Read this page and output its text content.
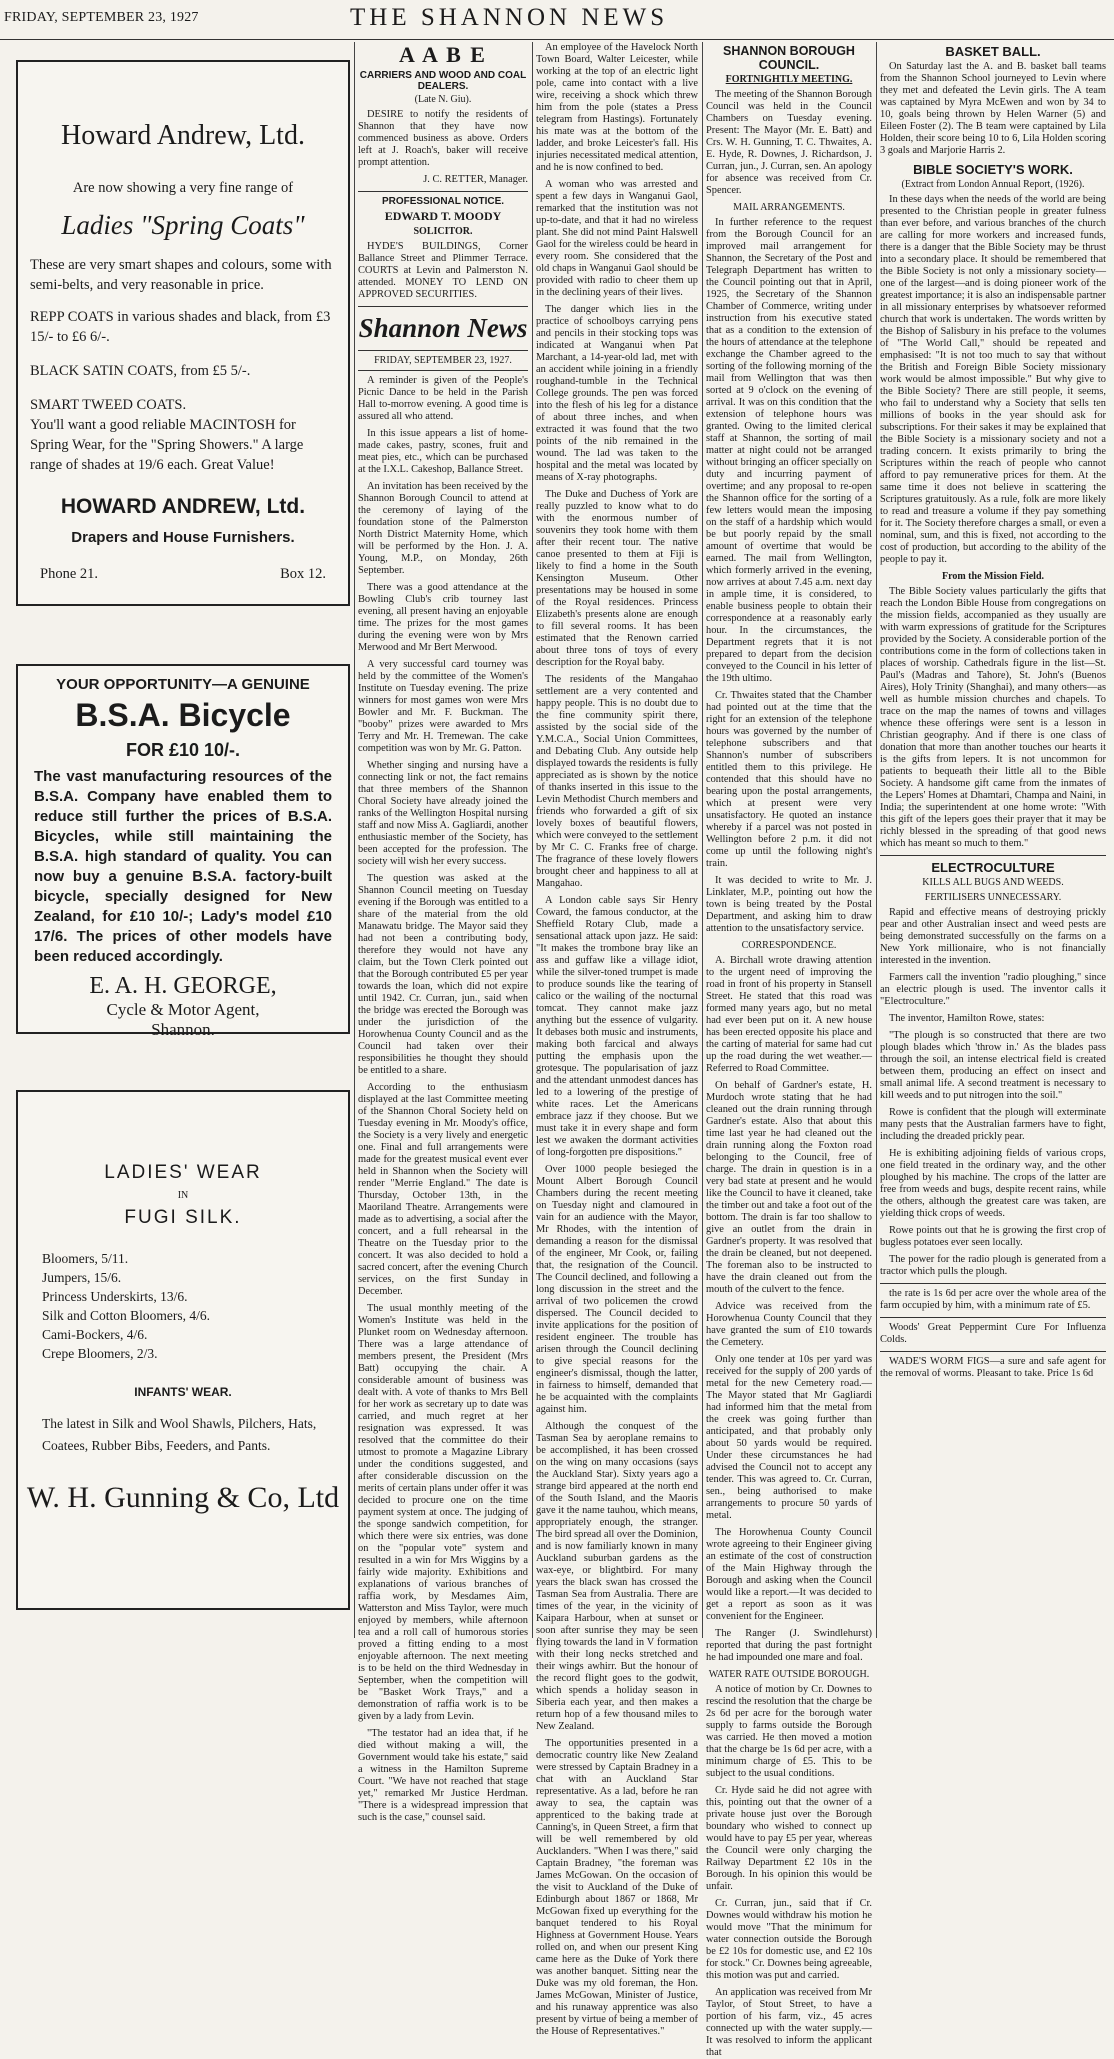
FRIDAY, SEPTEMBER 23, 1927	THE SHANNON NEWS
Howard Andrew, Ltd.
Are now showing a very fine range of
Ladies "Spring Coats"
These are very smart shapes and colours, some with semi-belts, and very reasonable in price.
REPP COATS in various shades and black, from £3 15/- to £6 6/-.
BLACK SATIN COATS, from £5 5/-.
SMART TWEED COATS.
You'll want a good reliable MACINTOSH for Spring Wear, for the "Spring Showers." A large range of shades at 19/6 each. Great Value!
HOWARD ANDREW, Ltd.
Drapers and House Furnishers.
Phone 21.	Box 12.
YOUR OPPORTUNITY—A GENUINE
B.S.A. Bicycle
FOR £10 10/-.
The vast manufacturing resources of the B.S.A. Company have enabled them to reduce still further the prices of B.S.A. Bicycles, while still maintaining the B.S.A. high standard of quality. You can now buy a genuine B.S.A. factory-built bicycle, specially designed for New Zealand, for £10 10/-; Lady's model £10 17/6. The prices of other models have been reduced accordingly.
E. A. H. GEORGE,
Cycle & Motor Agent,
Shannon.
LADIES' WEAR
IN
FUGI SILK.
Bloomers, 5/11.
Jumpers, 15/6.
Princess Underskirts, 13/6.
Silk and Cotton Bloomers, 4/6.
Cami-Bockers, 4/6.
Crepe Bloomers, 2/3.
INFANTS' WEAR.
The latest in Silk and Wool Shawls, Pilchers, Hats, Coatees, Rubber Bibs, Feeders, and Pants.
W. H. Gunning & Co, Ltd
A A B E
CARRIERS AND WOOD AND COAL DEALERS.
(Late N. Giu).
DESIRE to notify the residents of Shannon that they have now commenced business as above. Orders left at J. Roach's, baker will receive prompt attention.
J. C. RETTER, Manager.
PROFESSIONAL NOTICE.
EDWARD T. MOODY
SOLICITOR.
HYDE'S BUILDINGS, Corner Ballance Street and Plimmer Terrace. COURTS at Levin and Palmerston N. attended. MONEY TO LEND ON APPROVED SECURITIES.
Shannon News
FRIDAY, SEPTEMBER 23, 1927.
A reminder is given of the People's Picnic Dance to be held in the Parish Hall to-morrow evening. A good time is assured all who attend.
In this issue appears a list of home-made cakes, pastry, scones, fruit and meat pies, etc., which can be purchased at the I.X.L. Cakeshop, Ballance Street.
An invitation has been received by the Shannon Borough Council to attend at the ceremony of laying of the foundation stone of the Palmerston North District Maternity Home, which will be performed by the Hon. J. A. Young, M.P., on Monday, 26th September.
There was a good attendance at the Bowling Club's crib tourney last evening, all present having an enjoyable time. The prizes for the most games during the evening were won by Mrs Merwood and Mr Bert Merwood.
A very successful card tourney was held by the committee of the Women's Institute on Tuesday evening. The prize winners for most games won were Mrs Bowler and Mr. F. Buckman. The "booby" prizes were awarded to Mrs Terry and Mr. H. Tremewan. The cake competition was won by Mr. G. Patton.
Whether singing and nursing have a connecting link or not, the fact remains that three members of the Shannon Choral Society have already joined the ranks of the Wellington Hospital nursing staff and now Miss A. Gagliardi, another enthusiastic member of the Society, has been accepted for the profession. The society will wish her every success.
The question was asked at the Shannon Council meeting on Tuesday evening if the Borough was entitled to a share of the material from the old Manawatu bridge. The Mayor said they had not been a contributing body, therefore they would not have any claim, but the Town Clerk pointed out that the Borough contributed £5 per year towards the loan, which did not expire until 1942. Cr. Curran, jun., said when the bridge was erected the Borough was under the jurisdiction of the Horowhenua County Council and as the Council had taken over their responsibilities he thought they should be entitled to a share.
According to the enthusiasm displayed at the last Committee meeting of the Shannon Choral Society held on Tuesday evening in Mr. Moody's office, the Society is a very lively and energetic one. Final and full arrangements were made for the greatest musical event ever held in Shannon when the Society will render "Merrie England." The date is Thursday, October 13th, in the Maoriland Theatre. Arrangements were made as to advertising, a social after the concert, and a full rehearsal in the Theatre on the Tuesday prior to the concert. It was also decided to hold a sacred concert, after the evening Church services, on the first Sunday in December.
The usual monthly meeting of the Women's Institute was held in the Plunket room on Wednesday afternoon. There was a large attendance of members present, the President (Mrs Batt) occupying the chair. A considerable amount of business was dealt with. A vote of thanks to Mrs Bell for her work as secretary up to date was carried, and much regret at her resignation was expressed. It was resolved that the committee do their utmost to promote a Magazine Library under the conditions suggested, and after considerable discussion on the merits of certain plans under offer it was decided to procure one on the time payment system at once. The judging of the sponge sandwich competition, for which there were six entries, was done on the "popular vote" system and resulted in a win for Mrs Wiggins by a fairly wide majority. Exhibitions and explanations of various branches of raffia work, by Mesdames Aim, Watterston and Miss Taylor, were much enjoyed by members, while afternoon tea and a roll call of humorous stories proved a fitting ending to a most enjoyable afternoon. The next meeting is to be held on the third Wednesday in September, when the competition will be "Basket Work Trays," and a demonstration of raffia work is to be given by a lady from Levin.
"The testator had an idea that, if he died without making a will, the Government would take his estate," said a witness in the Hamilton Supreme Court. "We have not reached that stage yet," remarked Mr Justice Herdman. "There is a widespread impression that such is the case," counsel said.
An employee of the Havelock North Town Board, Walter Leicester, while working at the top of an electric light pole, came into contact with a live wire, receiving a shock which threw him from the pole (states a Press telegram from Hastings). Fortunately his mate was at the bottom of the ladder, and broke Leicester's fall. His injuries necessitated medical attention, and he is now confined to bed.
A woman who was arrested and spent a few days in Wanganui Gaol, remarked that the institution was not up-to-date, and that it had no wireless plant. She did not mind Paint Halswell Gaol for the wireless could be heard in every room. She considered that the old chaps in Wanganui Gaol should be provided with radio to cheer them up in the declining years of their lives.
The danger which lies in the practice of schoolboys carrying pens and pencils in their stocking tops was indicated at Wanganui when Pat Marchant, a 14-year-old lad, met with an accident while joining in a friendly roughand-tumble in the Technical College grounds. The pen was forced into the flesh of his leg for a distance of about three inches, and when extracted it was found that the two points of the nib remained in the wound. The lad was taken to the hospital and the metal was located by means of X-ray photographs.
The Duke and Duchess of York are really puzzled to know what to do with the enormous number of souvenirs they took home with them after their recent tour. The native canoe presented to them at Fiji is likely to find a home in the South Kensington Museum. Other presentations may be housed in some of the Royal residences. Princess Elizabeth's presents alone are enough to fill several rooms. It has been estimated that the Renown carried about three tons of toys of every description for the Royal baby.
The residents of the Mangahao settlement are a very contented and happy people. This is no doubt due to the fine community spirit there, assisted by the social side of the Y.M.C.A., Social Union Committees, and Debating Club. Any outside help displayed towards the residents is fully appreciated as is shown by the notice of thanks inserted in this issue to the Levin Methodist Church members and friends who forwarded a gift of six lovely boxes of beautiful flowers, which were conveyed to the settlement by Mr C. C. Franks free of charge. The fragrance of these lovely flowers brought cheer and happiness to all at Mangahao.
A London cable says Sir Henry Coward, the famous conductor, at the Sheffield Rotary Club, made a sensational attack upon jazz. He said: "It makes the trombone bray like an ass and guffaw like a village idiot, while the silver-toned trumpet is made to produce sounds like the tearing of calico or the wailing of the nocturnal tomcat. They cannot make jazz anything but the essence of vulgarity. It debases both music and instruments, making both farcical and always putting the emphasis upon the grotesque. The popularisation of jazz and the attendant unmodest dances has led to a lowering of the prestige of white races. Let the Americans embrace jazz if they choose. But we must take it in every shape and form lest we awaken the dormant activities of long-forgotten pre dispositions."
Over 1000 people besieged the Mount Albert Borough Council Chambers during the recent meeting on Tuesday night and clamoured in vain for an audience with the Mayor, Mr Rhodes, with the intention of demanding a reason for the dismissal of the engineer, Mr Cook, or, failing that, the resignation of the Council. The Council declined, and following a long discussion in the street and the arrival of two policemen the crowd dispersed. The Council decided to invite applications for the position of resident engineer. The trouble has arisen through the Council declining to give special reasons for the engineer's dismissal, though the latter, in fairness to himself, demanded that he be acquainted with the complaints against him.
Although the conquest of the Tasman Sea by aeroplane remains to be accomplished, it has been crossed on the wing on many occasions (says the Auckland Star). Sixty years ago a strange bird appeared at the north end of the South Island, and the Maoris gave it the name tauhou, which means, appropriately enough, the stranger. The bird spread all over the Dominion, and is now familiarly known in many Auckland suburban gardens as the wax-eye, or blightbird. For many years the black swan has crossed the Tasman Sea from Australia. There are times of the year, in the vicinity of Kaipara Harbour, when at sunset or soon after sunrise they may be seen flying towards the land in V formation with their long necks stretched and their wings awhirr. But the honour of the record flight goes to the godwit, which spends a holiday season in Siberia each year, and then makes a return hop of a few thousand miles to New Zealand.
The opportunities presented in a democratic country like New Zealand were stressed by Captain Bradney in a chat with an Auckland Star representative. As a lad, before he ran away to sea, the captain was apprenticed to the baking trade at Canning's, in Queen Street, a firm that will be well remembered by old Aucklanders. "When I was there," said Captain Bradney, "the foreman was James McGowan. On the occasion of the visit to Auckland of the Duke of Edinburgh about 1867 or 1868, Mr McGowan fixed up everything for the banquet tendered to his Royal Highness at Government House. Years rolled on, and when our present King came here as the Duke of York there was another banquet. Sitting near the Duke was my old foreman, the Hon. James McGowan, Minister of Justice, and his runaway apprentice was also present by virtue of being a member of the House of Representatives."
SHANNON BOROUGH COUNCIL.
FORTNIGHTLY MEETING.
The meeting of the Shannon Borough Council was held in the Council Chambers on Tuesday evening. Present: The Mayor (Mr. E. Batt) and Crs. W. H. Gunning, T. C. Thwaites, A. E. Hyde, R. Downes, J. Richardson, J. Curran, jun., J. Curran, sen. An apology for absence was received from Cr. Spencer.
MAIL ARRANGEMENTS.
In further reference to the request from the Borough Council for an improved mail arrangement for Shannon, the Secretary of the Post and Telegraph Department has written to the Council pointing out that in April, 1925, the Secretary of the Shannon Chamber of Commerce, writing under instruction from his executive stated that as a condition to the extension of the hours of attendance at the telephone exchange the Chamber agreed to the sorting of the following morning of the mail from Wellington that was then sorted at 9 o'clock on the evening of arrival. It was on this condition that the extension of telephone hours was granted. Owing to the limited clerical staff at Shannon, the sorting of mail matter at night could not be arranged without bringing an officer specially on duty and incurring payment of overtime; and any proposal to re-open the Shannon office for the sorting of a few letters would mean the imposing on the staff of a hardship which would be but poorly repaid by the small amount of overtime that would be earned. The mail from Wellington, which formerly arrived in the evening, now arrives at about 7.45 a.m. next day in ample time, it is considered, to enable business people to obtain their correspondence at a reasonably early hour. In the circumstances, the Department regrets that it is not prepared to depart from the decision conveyed to the Council in his letter of the 19th ultimo.
Cr. Thwaites stated that the Chamber had pointed out at the time that the right for an extension of the telephone hours was governed by the number of telephone subscribers and that Shannon's number of subscribers entitled them to this privilege. He contended that this should have no bearing upon the postal arrangements, which at present were very unsatisfactory. He quoted an instance whereby if a parcel was not posted in Wellington before 2 p.m. it did not come up until the following night's train.
It was decided to write to Mr. J. Linklater, M.P., pointing out how the town is being treated by the Postal Department, and asking him to draw attention to the unsatisfactory service.
CORRESPONDENCE.
A. Birchall wrote drawing attention to the urgent need of improving the road in front of his property in Stansell Street. He stated that this road was formed many years ago, but no metal had ever been put on it. A new house has been erected opposite his place and the carting of material for same had cut up the road during the wet weather.—Referred to Road Committee.
On behalf of Gardner's estate, H. Murdoch wrote stating that he had cleaned out the drain running through Gardner's estate. Also that about this time last year he had cleaned out the drain running along the Foxton road belonging to the Council, free of charge. The drain in question is in a very bad state at present and he would like the Council to have it cleaned, take the timber out and take a foot out of the bottom. The drain is far too shallow to give an outlet from the drain in Gardner's property. It was resolved that the drain be cleaned, but not deepened. The foreman also to be instructed to have the drain cleaned out from the mouth of the culvert to the fence.
Advice was received from the Horowhenua County Council that they have granted the sum of £10 towards the Cemetery.
Only one tender at 10s per yard was received for the supply of 200 yards of metal for the new Cemetery road.—The Mayor stated that Mr Gagliardi had informed him that the metal from the creek was going further than anticipated, and that probably only about 50 yards would be required. Under these circumstances he had advised the Council not to accept any tender. This was agreed to. Cr. Curran, sen., being authorised to make arrangements to procure 50 yards of metal.
The Horowhenua County Council wrote agreeing to their Engineer giving an estimate of the cost of construction of the Main Highway through the Borough and asking when the Council would like a report.—It was decided to get a report as soon as it was convenient for the Engineer.
The Ranger (J. Swindlehurst) reported that during the past fortnight he had impounded one mare and foal.
WATER RATE OUTSIDE BOROUGH.
A notice of motion by Cr. Downes to rescind the resolution that the charge be 2s 6d per acre for the borough water supply to farms outside the Borough was carried. He then moved a motion that the charge be 1s 6d per acre, with a minimum charge of £5. This to be subject to the usual conditions.
Cr. Hyde said he did not agree with this, pointing out that the owner of a private house just over the Borough boundary who wished to connect up would have to pay £5 per year, whereas the Council were only charging the Railway Department £2 10s in the Borough. In his opinion this would be unfair.
Cr. Curran, jun., said that if Cr. Downes would withdraw his motion he would move "That the minimum for water connection outside the Borough be £2 10s for domestic use, and £2 10s for stock." Cr. Downes being agreeable, this motion was put and carried.
An application was received from Mr Taylor, of Stout Street, to have a portion of his farm, viz., 45 acres connected up with the water supply.—It was resolved to inform the applicant that
BASKET BALL.
On Saturday last the A. and B. basket ball teams from the Shannon School journeyed to Levin where they met and defeated the Levin girls. The A team was captained by Myra McEwen and won by 34 to 10, goals being thrown by Helen Warner (5) and Eileen Foster (2). The B team were captained by Lila Holden, their score being 10 to 6, Lila Holden scoring 3 goals and Marjorie Harris 2.
BIBLE SOCIETY'S WORK.
(Extract from London Annual Report, (1926).
In these days when the needs of the world are being presented to the Christian people in greater fulness than ever before, and various branches of the church are calling for more workers and increased funds, there is a danger that the Bible Society may be thrust into a secondary place. It should be remembered that the Bible Society is not only a missionary society—one of the largest—and is doing pioneer work of the greatest importance; it is also an indispensable partner in all missionary enterprises by whatsoever reformed church that work is undertaken. The words written by the Bishop of Salisbury in his preface to the volumes of "The World Call," should be repeated and emphasised: "It is not too much to say that without the British and Foreign Bible Society missionary work would be almost impossible." But why give to the Bible Society? There are still people, it seems, who fail to understand why a Society that sells ten millions of books in the year should ask for subscriptions. For their sakes it may be explained that the Bible Society is a missionary society and not a trading concern. It exists primarily to bring the Scriptures within the reach of people who cannot afford to pay remunerative prices for them. At the same time it does not believe in scattering the Scriptures gratuitously. As a rule, folk are more likely to read and treasure a volume if they pay something for it. The Society therefore charges a small, or even a nominal, sum, and this is fixed, not according to the cost of production, but according to the ability of the people to pay it.
From the Mission Field.
The Bible Society values particularly the gifts that reach the London Bible House from congregations on the mission fields, accompanied as they usually are with warm expressions of gratitude for the Scriptures provided by the Society. A considerable portion of the contributions come in the form of collections taken in places of worship. Cathedrals figure in the list—St. Paul's (Madras and Tahore), St. John's (Buenos Aires), Holy Trinity (Shanghai), and many others—as well as humble mission churches and chapels. To trace on the map the names of towns and villages whence these offerings were sent is a lesson in Christian geography. And if there is one class of donation that more than another touches our hearts it is the gifts from lepers. It is not uncommon for patients to bequeath their little all to the Bible Society. A handsome gift came from the inmates of the Lepers' Homes at Dhamtari, Champa and Naini, in India; the superintendent at one home wrote: "With this gift of the lepers goes their prayer that it may be richly blessed in the spreading of that good news which has meant so much to them."
ELECTROCULTURE
KILLS ALL BUGS AND WEEDS.
FERTILISERS UNNECESSARY.
Rapid and effective means of destroying prickly pear and other Australian insect and weed pests are being demonstrated successfully on the farms on a New York millionaire, who is not financially interested in the invention.
Farmers call the invention "radio ploughing," since an electric plough is used. The inventor calls it "Electroculture."
The inventor, Hamilton Rowe, states:
"The plough is so constructed that there are two plough blades which 'throw in.' As the blades pass through the soil, an intense electrical field is created between them, producing an effect on insect and small animal life. A second treatment is necessary to kill weeds and to put nitrogen into the soil."
Rowe is confident that the plough will exterminate many pests that the Australian farmers have to fight, including the dreaded prickly pear.
He is exhibiting adjoining fields of various crops, one field treated in the ordinary way, and the other ploughed by his machine. The crops of the latter are free from weeds and bugs, despite recent rains, while the others, although the greatest care was taken, are yielding thick crops of weeds.
Rowe points out that he is growing the first crop of bugless potatoes ever seen locally.
The power for the radio plough is generated from a tractor which pulls the plough.
the rate is 1s 6d per acre over the whole area of the farm occupied by him, with a minimum rate of £5.
Woods' Great Peppermint Cure For Influenza Colds.
WADE'S WORM FIGS—a sure and safe agent for the removal of worms. Pleasant to take. Price 1s 6d
